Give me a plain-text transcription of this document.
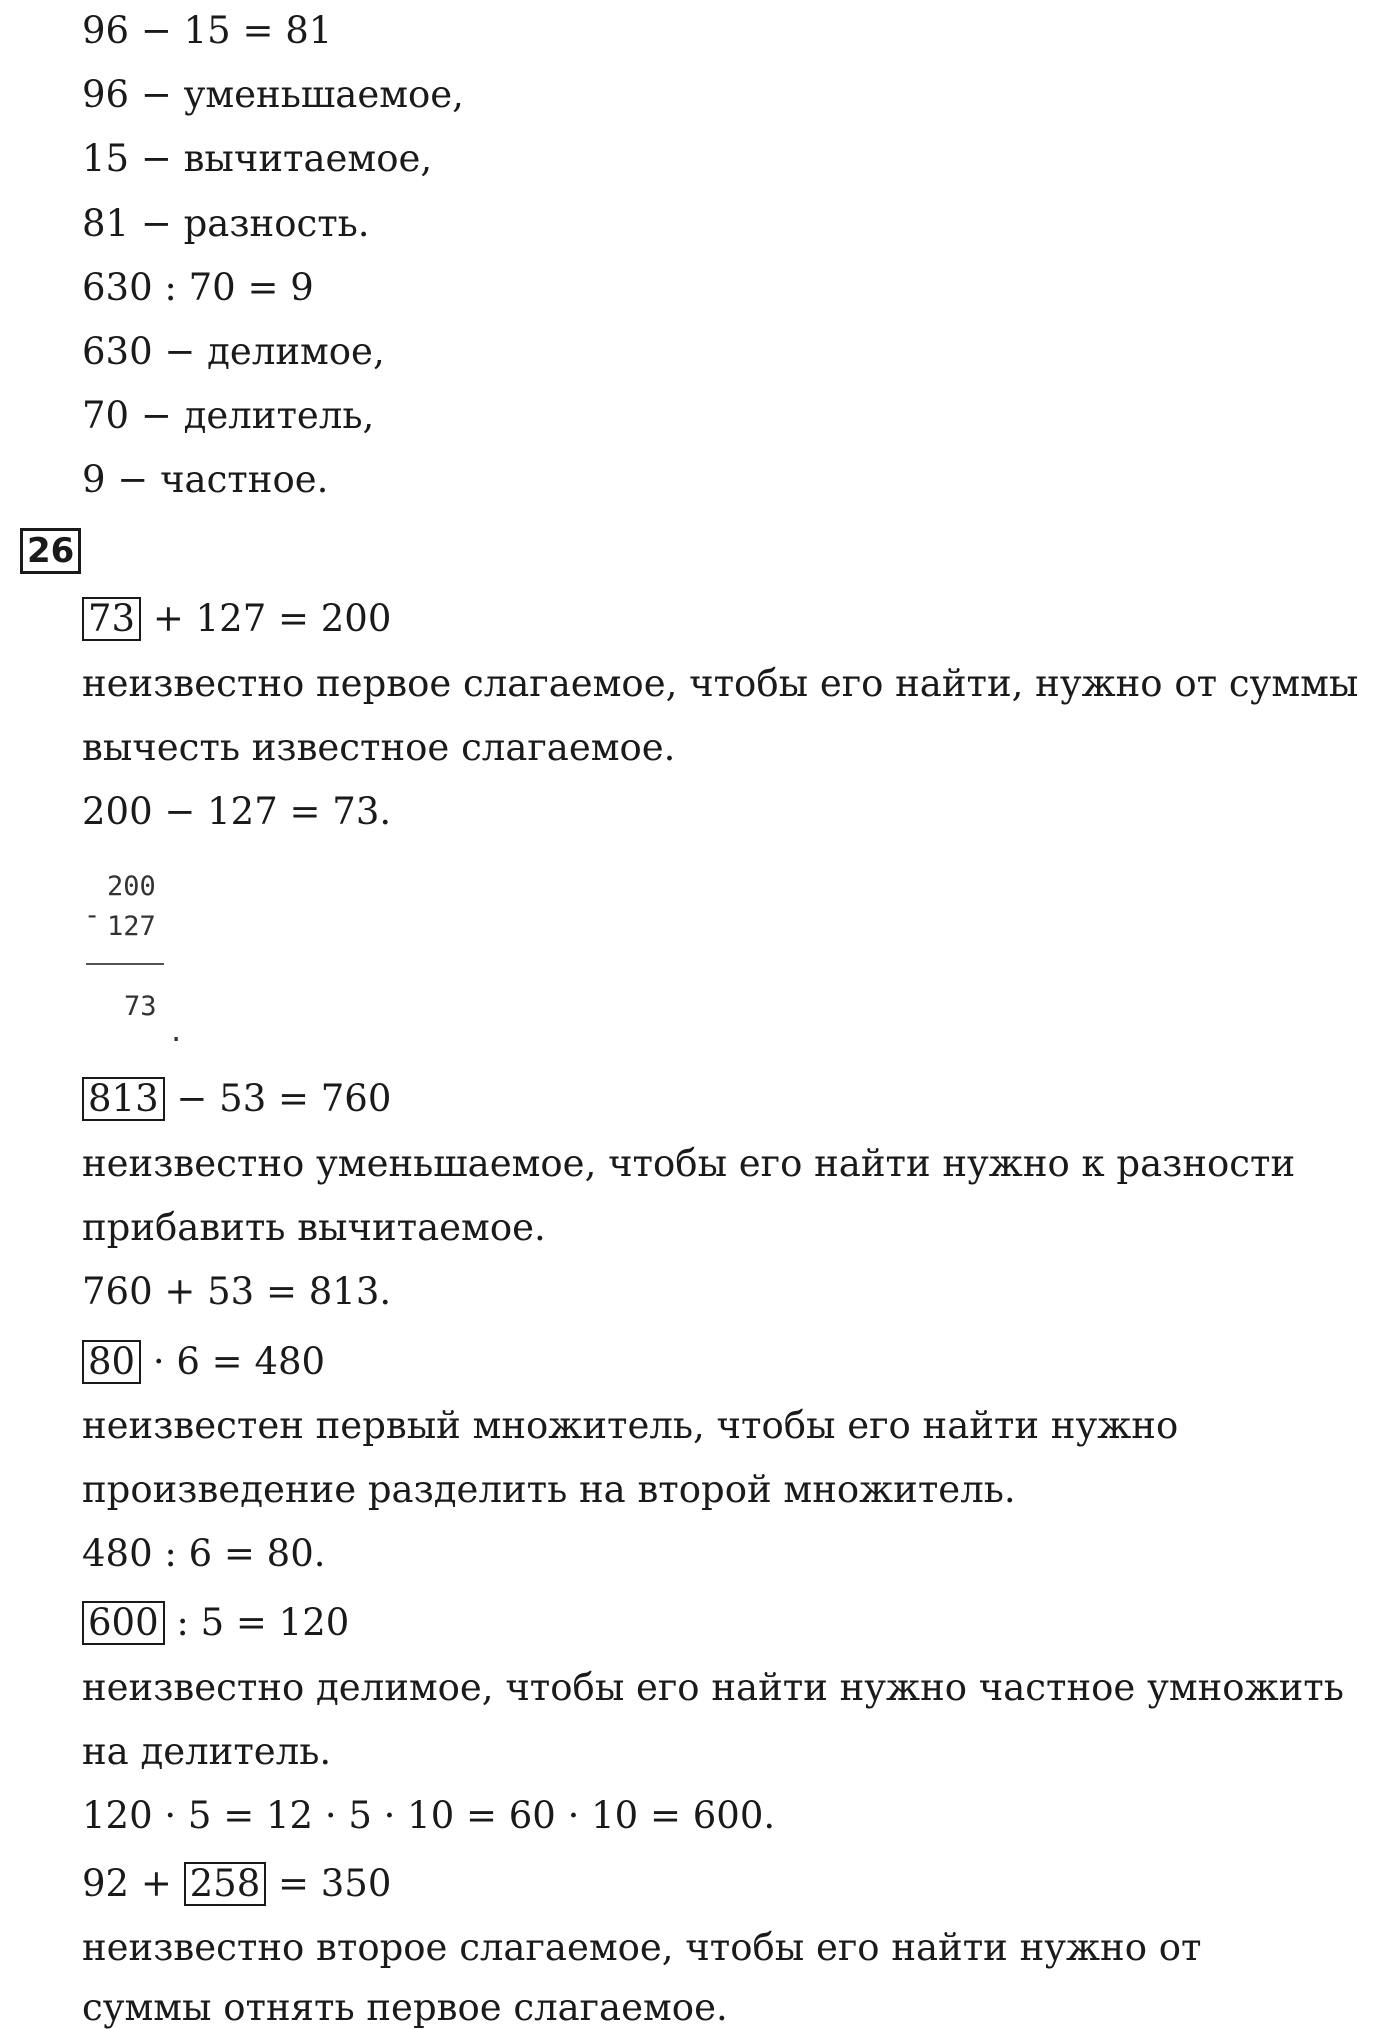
96 − 15 = 81

96 − уменьшаемое,

15 − вычитаемое,

81 − разность.

630 : 70 = 9

630 − делимое,

70 − делитель,

9 − частное.

26

73 + 127 = 200

неизвестно первое слагаемое, чтобы его найти, нужно от суммы

вычесть известное слагаемое.

200 − 127 = 73.

-
200
127
73
.

813 − 53 = 760

неизвестно уменьшаемое, чтобы его найти нужно к разности

прибавить вычитаемое.

760 + 53 = 813.

80 · 6 = 480

неизвестен первый множитель, чтобы его найти нужно

произведение разделить на второй множитель.

480 : 6 = 80.

600 : 5 = 120

неизвестно делимое, чтобы его найти нужно частное умножить

на делитель.

120 · 5 = 12 · 5 · 10 = 60 · 10 = 600.

92 + 258 = 350

неизвестно второе слагаемое, чтобы его найти нужно от

суммы отнять первое слагаемое.
